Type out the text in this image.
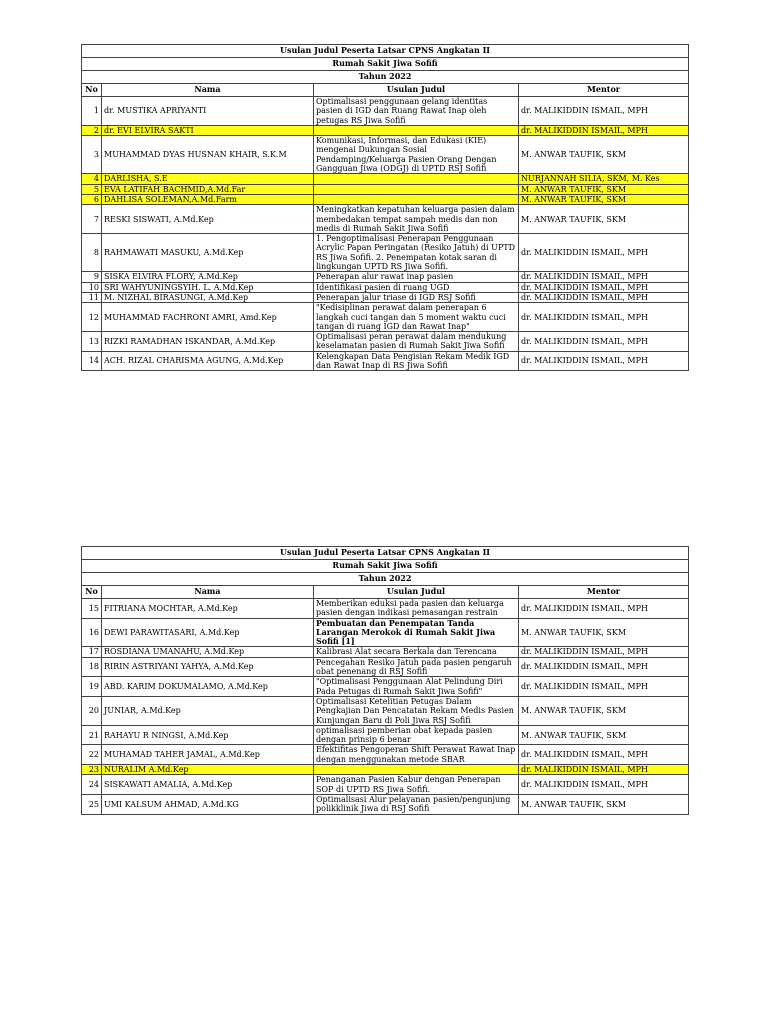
Usulan Judul Peserta Latsar CPNS Angkatan II			
Rumah Sakit Jiwa Sofifi			
Tahun 2022			
No	Nama	Usulan Judul	Mentor
1	dr. MUSTIKA APRIYANTI	Optimalisasi penggunaan gelang identitas pasien di IGD dan Ruang Rawat Inap oleh petugas RS Jiwa Sofifi	dr. MALIKIDDIN ISMAIL, MPH
2	dr. EVI ELVIRA SAKTI		dr. MALIKIDDIN ISMAIL, MPH
3	MUHAMMAD DYAS HUSNAN KHAIR, S.K.M	Komunikasi, Informasi, dan Edukasi (KIE) mengenai Dukungan Sosial Pendamping/Keluarga Pasien Orang Dengan Gangguan Jiwa (ODGJ) di UPTD RSJ Sofifi	M. ANWAR TAUFIK, SKM
4	DARLISHA, S.E		NURJANNAH SILIA, SKM, M. Kes
5	EVA LATIFAH BACHMID,A.Md.Far		M. ANWAR TAUFIK, SKM
6	DAHLISA SOLEMAN,A.Md.Farm		M. ANWAR TAUFIK, SKM
7	RESKI SISWATI, A.Md.Kep	Meningkatkan kepatuhan keluarga pasien dalam membedakan tempat sampah medis dan non medis di Rumah Sakit Jiwa Sofifi	M. ANWAR TAUFIK, SKM
8	RAHMAWATI MASUKU, A.Md.Kep	1. Pengoptimalisasi Penerapan Penggunaan Acrylic Papan Peringatan (Resiko Jatuh) di UPTD RS Jiwa Sofifi. 2. Penempatan kotak saran di lingkungan UPTD RS Jiwa Sofifi.	dr. MALIKIDDIN ISMAIL, MPH
9	SISKA ELVIRA FLORY, A.Md.Kep	Penerapan alur rawat inap pasien	dr. MALIKIDDIN ISMAIL, MPH
10	SRI WAHYUNINGSYIH. L. A.Md.Kep	Identifikasi pasien di ruang UGD	dr. MALIKIDDIN ISMAIL, MPH
11	M. NIZHAL BIRASUNGI, A.Md.Kep	Penerapan jalur triase di IGD RSJ Sofifi	dr. MALIKIDDIN ISMAIL, MPH
12	MUHAMMAD FACHRONI AMRI, Amd.Kep	"Kedisiplinan perawat dalam penerapan 6 langkah cuci tangan dan 5 moment waktu cuci tangan di ruang IGD dan Rawat Inap"	dr. MALIKIDDIN ISMAIL, MPH
13	RIZKI RAMADHAN ISKANDAR, A.Md.Kep	Optimalisasi peran perawat dalam mendukung keselamatan pasien di Rumah Sakit Jiwa Sofifi	dr. MALIKIDDIN ISMAIL, MPH
14	ACH. RIZAL CHARISMA AGUNG, A.Md.Kep	Kelengkapan Data Pengisian Rekam Medik IGD dan Rawat Inap di RS Jiwa Sofifi	dr. MALIKIDDIN ISMAIL, MPH
Usulan Judul Peserta Latsar CPNS Angkatan II			
Rumah Sakit Jiwa Sofifi			
Tahun 2022			
No	Nama	Usulan Judul	Mentor
15	FITRIANA MOCHTAR, A.Md.Kep	Memberikan eduksi pada pasien dan keluarga pasien dengan indikasi pemasangan restrain	dr. MALIKIDDIN ISMAIL, MPH
16	DEWI PARAWITASARI, A.Md.Kep	Pembuatan dan Penempatan Tanda Larangan Merokok di Rumah Sakit Jiwa Sofifi [1]	M. ANWAR TAUFIK, SKM
17	ROSDIANA UMANAHU, A.Md.Kep	Kalibrasi Alat secara Berkala dan Terencana	dr. MALIKIDDIN ISMAIL, MPH
18	RIRIN ASTRIYANI YAHYA, A.Md.Kep	Pencegahan Resiko Jatuh pada pasien pengaruh obat penenang di RSJ Sofifi	dr. MALIKIDDIN ISMAIL, MPH
19	ABD. KARIM DOKUMALAMO, A.Md.Kep	"Optimalisasi Penggunaan Alat Pelindung Diri Pada Petugas di Rumah Sakit Jiwa Sofifi"	dr. MALIKIDDIN ISMAIL, MPH
20	JUNIAR, A.Md.Kep	Optimalisasi Ketelitian Petugas Dalam Pengkajian Dan Pencatatan Rekam Medis Pasien Kunjungan Baru di Poli Jiwa RSJ Sofifi	M. ANWAR TAUFIK, SKM
21	RAHAYU R NINGSI, A.Md.Kep	optimalisasi pemberian obat kepada pasien dengan prinsip 6 benar	M. ANWAR TAUFIK, SKM
22	MUHAMAD TAHER JAMAL, A.Md.Kep	Efektifitas Pengoperan Shift Perawat Rawat Inap dengan menggunakan metode SBAR	dr. MALIKIDDIN ISMAIL, MPH
23	NURALIM A.Md.Kep		dr. MALIKIDDIN ISMAIL, MPH
24	SISKAWATI AMALIA, A.Md.Kep	Penanganan Pasien Kabur dengan Penerapan SOP di UPTD RS Jiwa Sofifi.	dr. MALIKIDDIN ISMAIL, MPH
25	UMI KALSUM AHMAD, A.Md.KG	Optimalisasi Alur pelayanan pasien/pengunjung polikklinik Jiwa di RSJ Sofifi	M. ANWAR TAUFIK, SKM
